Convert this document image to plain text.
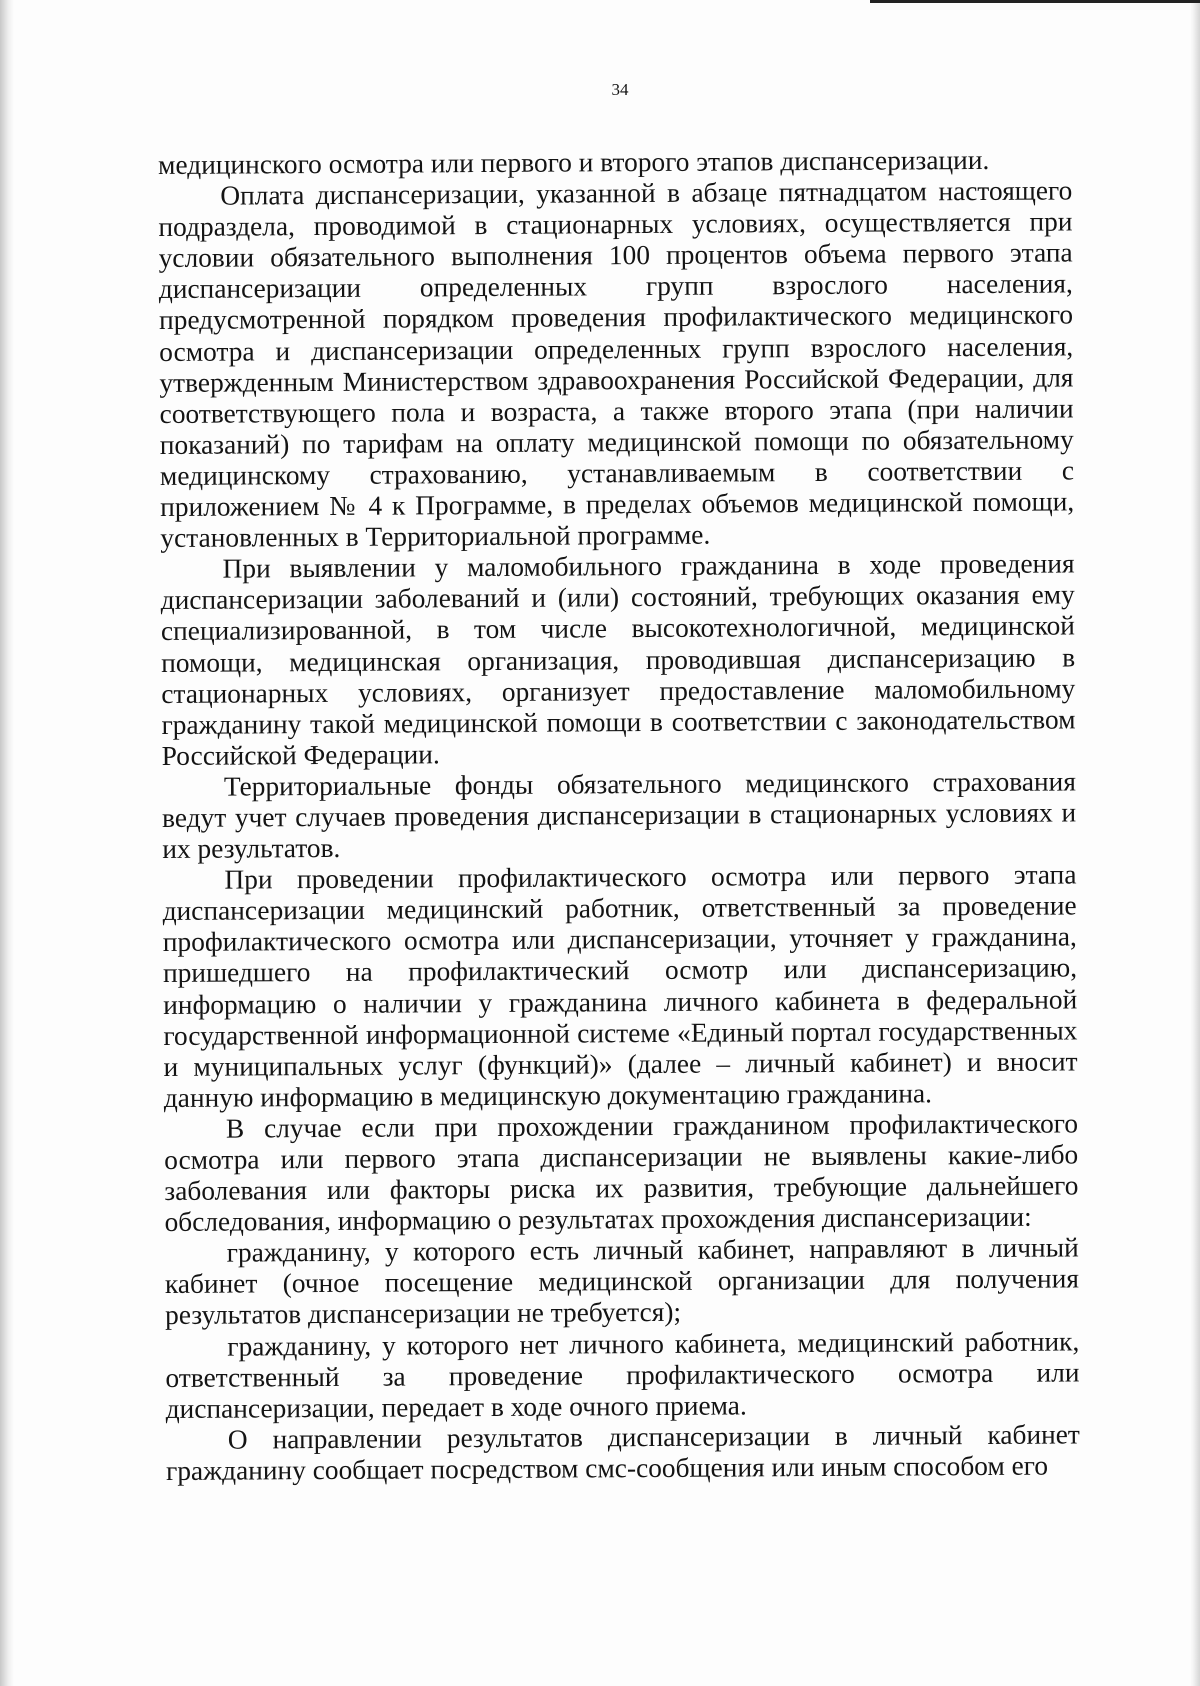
34

медицинского осмотра или первого и второго этапов диспансеризации.

Оплата диспансеризации, указанной в абзаце пятнадцатом настоящего подраздела, проводимой в стационарных условиях, осуществляется при условии обязательного выполнения 100 процентов объема первого этапа диспансеризации определенных групп взрослого населения, предусмотренной порядком проведения профилактического медицинского осмотра и диспансеризации определенных групп взрослого населения, утвержденным Министерством здравоохранения Российской Федерации, для соответствующего пола и возраста, а также второго этапа (при наличии показаний) по тарифам на оплату медицинской помощи по обязательному медицинскому страхованию, устанавливаемым в соответствии с приложением № 4 к Программе, в пределах объемов медицинской помощи, установленных в Территориальной программе.

При выявлении у маломобильного гражданина в ходе проведения диспансеризации заболеваний и (или) состояний, требующих оказания ему специализированной, в том числе высокотехнологичной, медицинской помощи, медицинская организация, проводившая диспансеризацию в стационарных условиях, организует предоставление маломобильному гражданину такой медицинской помощи в соответствии с законодательством Российской Федерации.

Территориальные фонды обязательного медицинского страхования ведут учет случаев проведения диспансеризации в стационарных условиях и их результатов.

При проведении профилактического осмотра или первого этапа диспансеризации медицинский работник, ответственный за проведение профилактического осмотра или диспансеризации, уточняет у гражданина, пришедшего на профилактический осмотр или диспансеризацию, информацию о наличии у гражданина личного кабинета в федеральной государственной информационной системе «Единый портал государственных и муниципальных услуг (функций)» (далее – личный кабинет) и вносит данную информацию в медицинскую документацию гражданина.

В случае если при прохождении гражданином профилактического осмотра или первого этапа диспансеризации не выявлены какие-либо заболевания или факторы риска их развития, требующие дальнейшего обследования, информацию о результатах прохождения диспансеризации:

гражданину, у которого есть личный кабинет, направляют в личный кабинет (очное посещение медицинской организации для получения результатов диспансеризации не требуется);

гражданину, у которого нет личного кабинета, медицинский работник, ответственный за проведение профилактического осмотра или диспансеризации, передает в ходе очного приема.

О направлении результатов диспансеризации в личный кабинет гражданину сообщает посредством смс-сообщения или иным способом его
